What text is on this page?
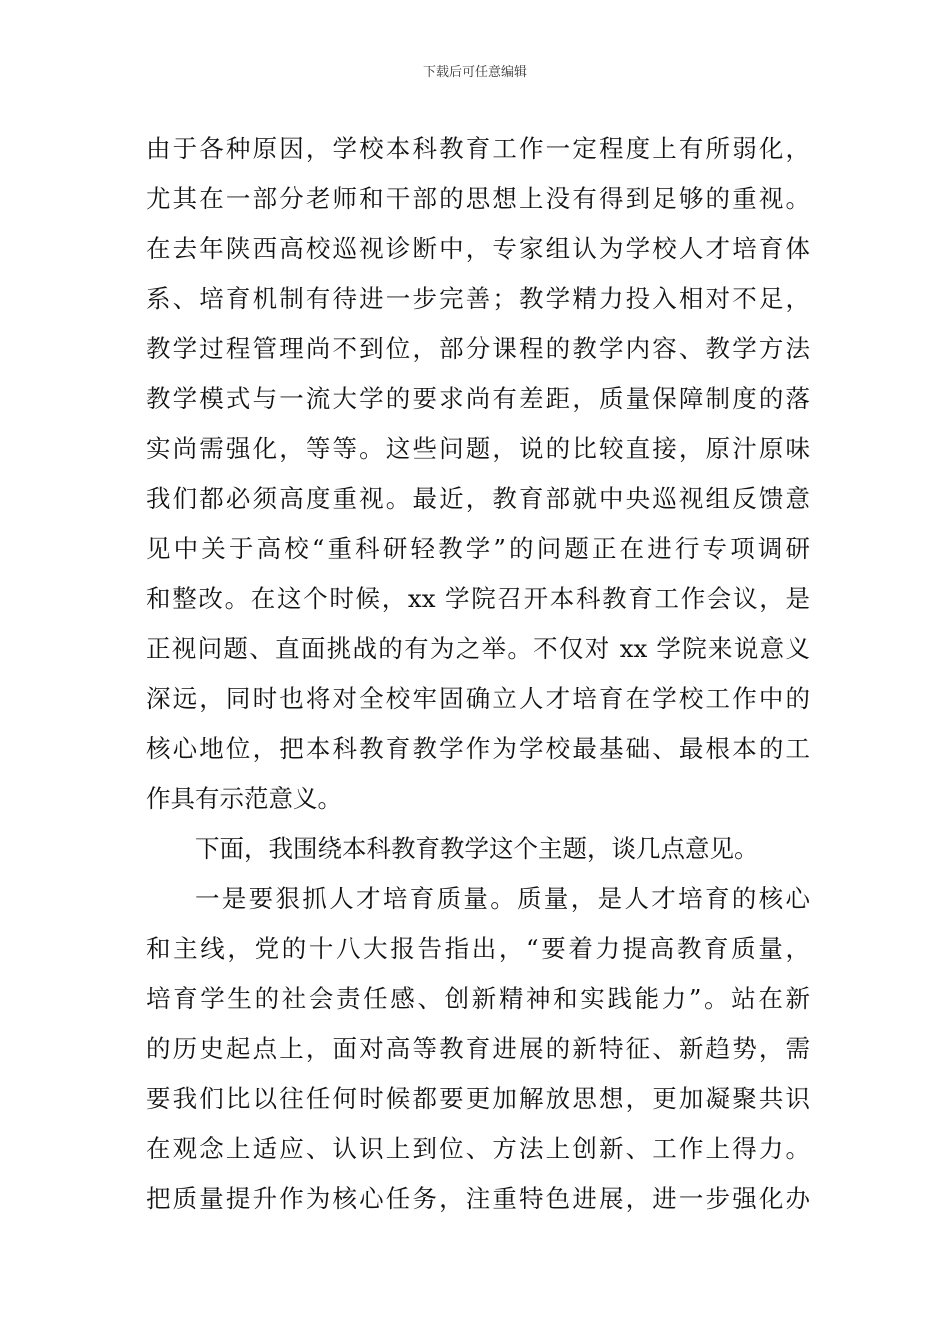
下载后可任意编辑
由于各种原因，学校本科教育工作一定程度上有所弱化，
尤其在一部分老师和干部的思想上没有得到足够的重视。
在去年陕西高校巡视诊断中，专家组认为学校人才培育体
系、培育机制有待进一步完善；教学精力投入相对不足，
教学过程管理尚不到位，部分课程的教学内容、教学方法
教学模式与一流大学的要求尚有差距，质量保障制度的落
实尚需强化，等等。这些问题，说的比较直接，原汁原味
我们都必须高度重视。最近，教育部就中央巡视组反馈意
见中关于高校“重科研轻教学”的问题正在进行专项调研
和整改。在这个时候，xx 学院召开本科教育工作会议，是
正视问题、直面挑战的有为之举。不仅对 xx 学院来说意义
深远，同时也将对全校牢固确立人才培育在学校工作中的
核心地位，把本科教育教学作为学校最基础、最根本的工
作具有示范意义。
下面，我围绕本科教育教学这个主题，谈几点意见。
一是要狠抓人才培育质量。质量，是人才培育的核心
和主线，党的十八大报告指出，“要着力提高教育质量，
培育学生的社会责任感、创新精神和实践能力”。站在新
的历史起点上，面对高等教育进展的新特征、新趋势，需
要我们比以往任何时候都要更加解放思想，更加凝聚共识
在观念上适应、认识上到位、方法上创新、工作上得力。
把质量提升作为核心任务，注重特色进展，进一步强化办
